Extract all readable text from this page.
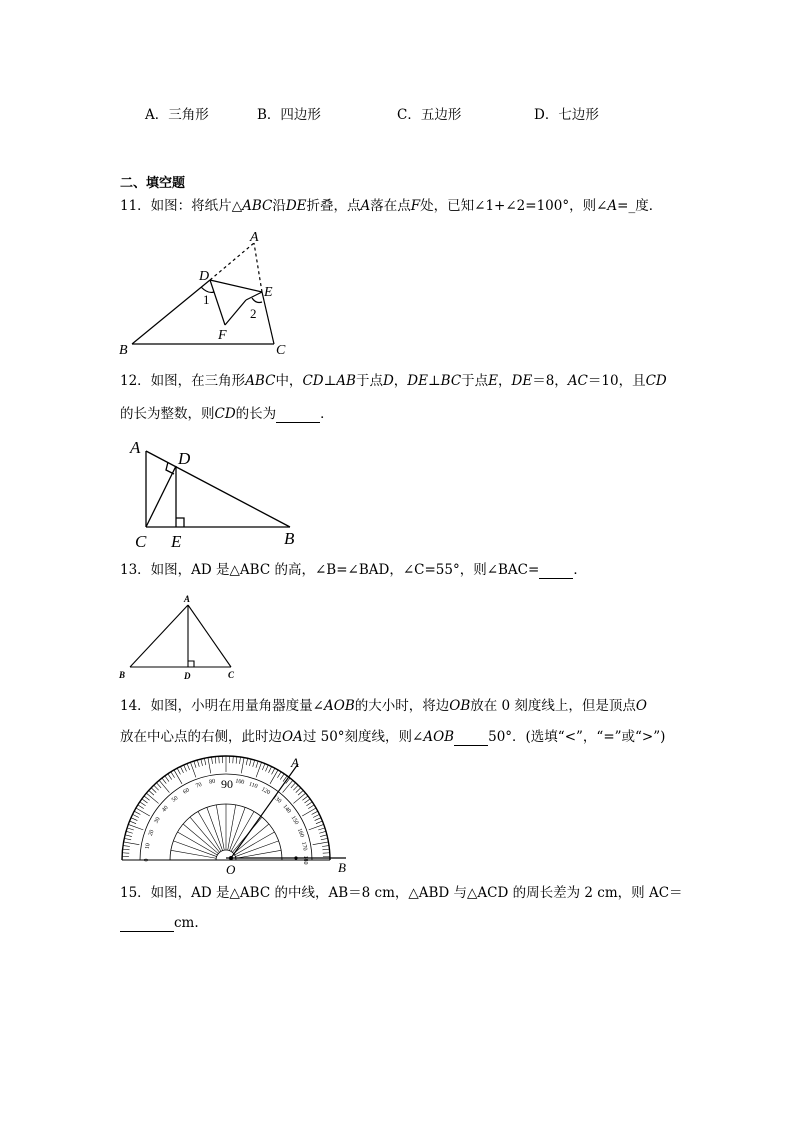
A．三角形	B．四边形	C．五边形	D．七边形
二、填空题
11．如图：将纸片△ABC沿DE折叠，点A落在点F处，已知∠1+∠2=100°，则∠A=_度．
A
B	C
D
E
F
1
2
12．如图，在三角形ABC中，CD⊥AB于点D，DE⊥BC于点E，DE＝8，AC＝10，且CD
的长为整数，则CD的长为	．
A
D
C E	B
13．如图，AD 是△ABC 的高，∠B=∠BAD，∠C=55°，则∠BAC=	．
A
B	D	C
14．如图，小明在用量角器度量∠AOB的大小时，将边OB放在 0 刻度线上，但是顶点O
放在中心点的右侧，此时边OA过 50°刻度线，则∠AOB	50°．(选填“<”，“=”或“>”)
0
10
20
30
40
50
60
70 80	100 110
120
130
140
150
160
170
180
90
A
O	B
15．如图，AD 是△ABC 的中线，AB＝8 cm，△ABD 与△ACD 的周长差为 2 cm，则 AC＝
cm.
